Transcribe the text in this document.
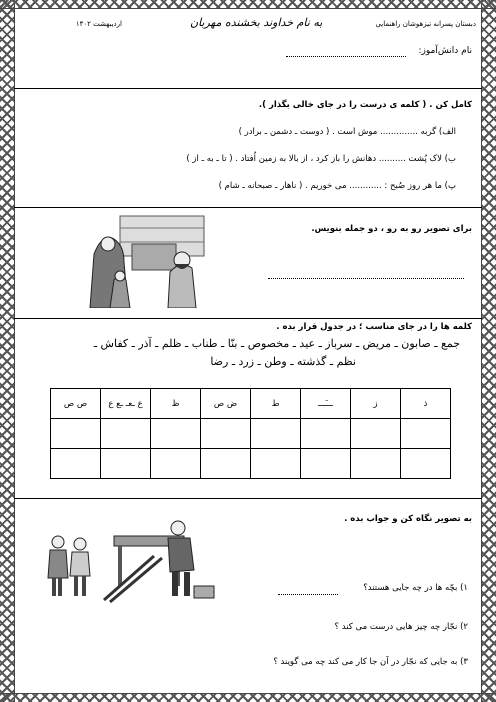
دبستان پسرانه تیزهوشان راهنمایی
به نام خداوند بخشنده مهربان
اردیبهشت ۱۴۰۲
نام دانش‌آموز:
کامل کن . ( کلمه ی درست را در جای خالی بگذار ).
الف) گربه .............. موش است . ( دوست ـ دشمن ـ برادر )
ب) لاک پُشت .......... دهانش را باز کرد ، از بالا به زمین اُفتاد . ( تا ـ به ـ از )
پ) ما هر روز صُبح : ............ می خوریم . ( ناهار ـ صبحانه ـ شام )
برای تصویر رو به رو ، دو جمله بنویس.
کلمه ها را در جای مناسب ؛ در جدول قرار بده .
جمع ـ صابون ـ مریض ـ سرباز ـ عید ـ مخصوص ـ بنّا ـ طناب ـ ظلم ـ آذر ـ کفاش ـ
نظم ـ گذشته ـ وطن ـ زرد ـ رضا
ذ	ز	ـــَـــ	ط	ض ص	ظ	ع ـعـ ـع ع	ص ص

به تصویر نگاه کن و جواب بده .
۱) بچّه ها در چه جایی هستند؟
۲) نجّار چه چیز هایی درست می کند ؟
۳) به جایی که نجّار در آن جا کار می کند چه می گویند ؟
